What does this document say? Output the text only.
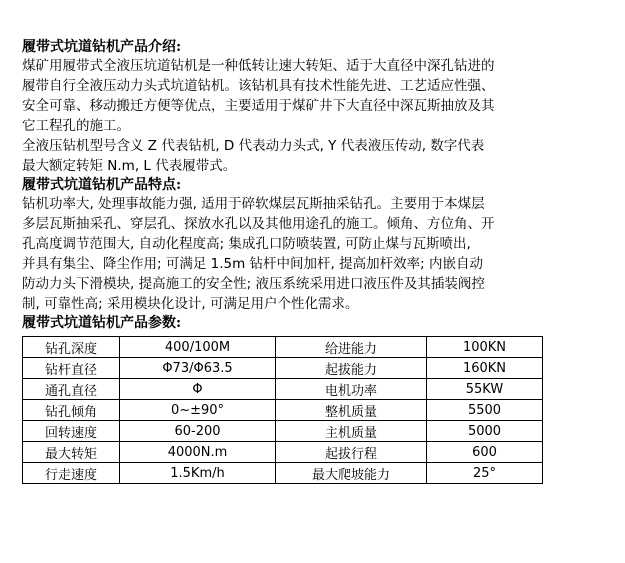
履带式坑道钻机产品介绍:
煤矿用履带式全液压坑道钻机是一种低转让速大转矩、适于大直径中深孔钻进的
履带自行全液压动力头式坑道钻机。该钻机具有技术性能先进、工艺适应性强、
安全可靠、移动搬迁方便等优点，主要适用于煤矿井下大直径中深瓦斯抽放及其
它工程孔的施工。
全液压钻机型号含义 Z 代表钻机, D 代表动力头式, Y 代表液压传动, 数字代表
最大额定转矩 N.m, L 代表履带式。
履带式坑道钻机产品特点:
钻机功率大, 处理事故能力强, 适用于碎软煤层瓦斯抽采钻孔。主要用于本煤层
多层瓦斯抽采孔、穿层孔、探放水孔以及其他用途孔的施工。倾角、方位角、开
孔高度调节范围大, 自动化程度高; 集成孔口防喷装置, 可防止煤与瓦斯喷出,
并具有集尘、降尘作用; 可满足 1.5m 钻杆中间加杆, 提高加杆效率; 内嵌自动
防动力头下滑模块, 提高施工的安全性; 液压系统采用进口液压件及其插装阀控
制, 可靠性高; 采用模块化设计, 可满足用户个性化需求。
履带式坑道钻机产品参数:
钻孔深度	400/100M	给进能力	100KN
钻杆直径	Φ73/Φ63.5	起拔能力	160KN
通孔直径	Φ	电机功率	55KW
钻孔倾角	0~±90°	整机质量	5500
回转速度	60-200	主机质量	5000
最大转矩	4000N.m	起拔行程	600
行走速度	1.5Km/h	最大爬坡能力	25°
